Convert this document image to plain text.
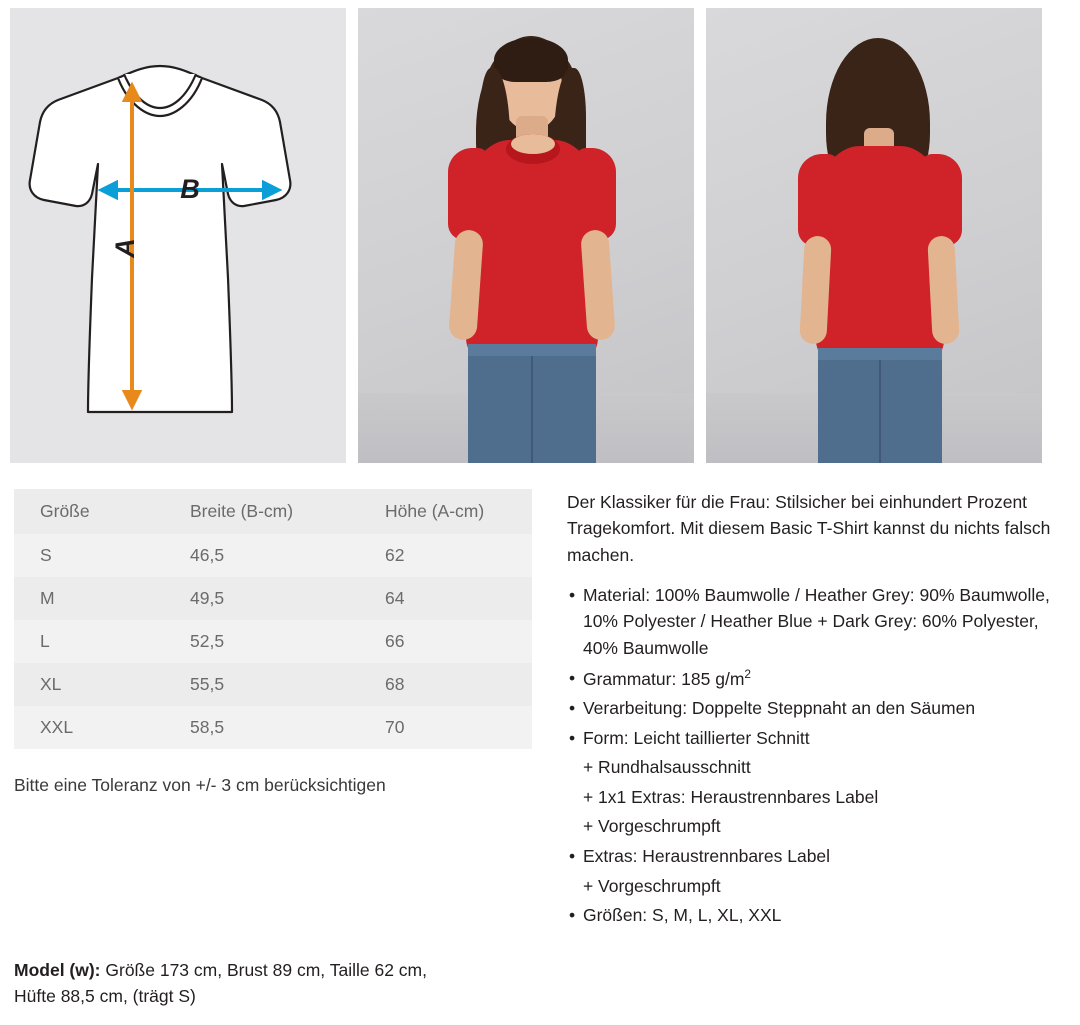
B
A
Größe	Breite (B-cm)	Höhe (A-cm)
S	46,5	62
M	49,5	64
L	52,5	66
XL	55,5	68
XXL	58,5	70
Bitte eine Toleranz von +/- 3 cm berücksichtigen

Der Klassiker für die Frau: Stilsicher bei einhundert Prozent Tragekomfort. Mit diesem Basic T-Shirt kannst du nichts falsch machen.

• Material: 100% Baumwolle / Heather Grey: 90% Baumwolle, 10% Polyester / Heather Blue + Dark Grey: 60% Polyester, 40% Baumwolle
• Grammatur: 185 $g/m^2$
• Verarbeitung: Doppelte Steppnaht an den Säumen
• Form: Leicht taillierter Schnitt
+ Rundhalsausschnitt
+ 1x1 Extras: Heraustrennbares Label
+ Vorgeschrumpft
• Extras: Heraustrennbares Label
+ Vorgeschrumpft
• Größen: S, M, L, XL, XXL
Model (w): Größe 173 cm, Brust 89 cm, Taille 62 cm,
Hüfte 88,5 cm, (trägt S)
